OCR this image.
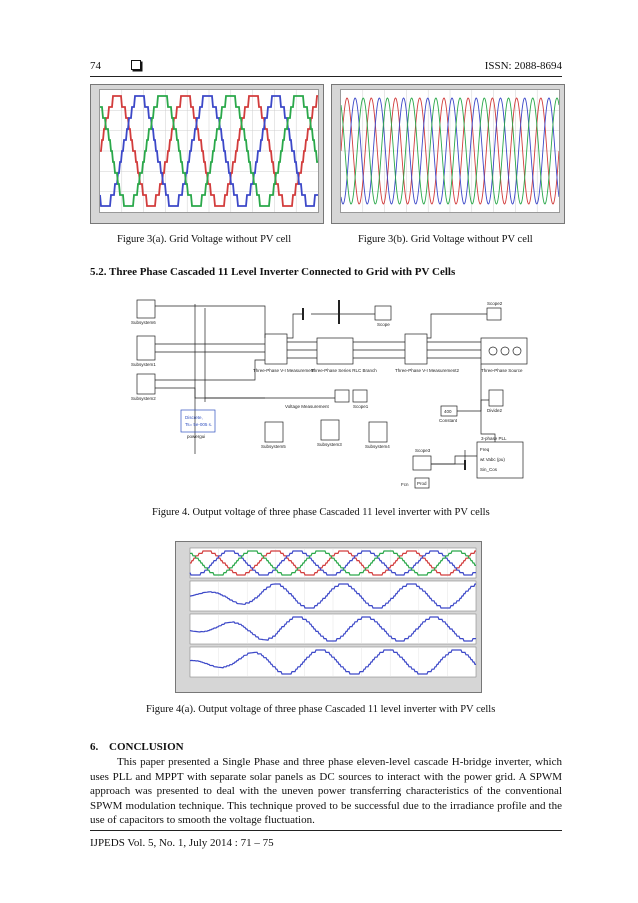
74	ISSN: 2088-8694
Figure 3(a). Grid Voltage without PV cell	Figure 3(b). Grid Voltage without PV cell
5.2. Three Phase Cascaded 11 Level Inverter Connected to Grid with PV Cells
Subsystem6
Subsystem1
Subsystem2
Three-Phase V-I Measurement
Three-Phase Series RLC Branch	Three-Phase V-I Measurement2	Three-Phase Source
Scope
Scope1
Scope2
Scope3
Voltage Measurement
Discrete,
Ts= 5e-005 s.
powergui
Subsystem5	Subsystem3	Subsystem4
Divide2
400
Constant
3-phase PLL
Freq
wt Vabc (pu)
Sin_Cos
Fcn Prod
Figure 4. Output voltage of three phase Cascaded 11 level inverter with PV cells
Figure 4(a). Output voltage of three phase Cascaded 11 level inverter with PV cells
6. CONCLUSION
This paper presented a Single Phase and three phase eleven-level cascade H-bridge inverter, which uses PLL and MPPT with separate solar panels as DC sources to interact with the power grid. A SPWM approach was presented to deal with the uneven power transferring characteristics of the conventional SPWM modulation technique. This technique proved to be successful due to the irradiance profile and the use of capacitors to smooth the voltage fluctuation.
IJPEDS Vol. 5, No. 1, July 2014 : 71 – 75
